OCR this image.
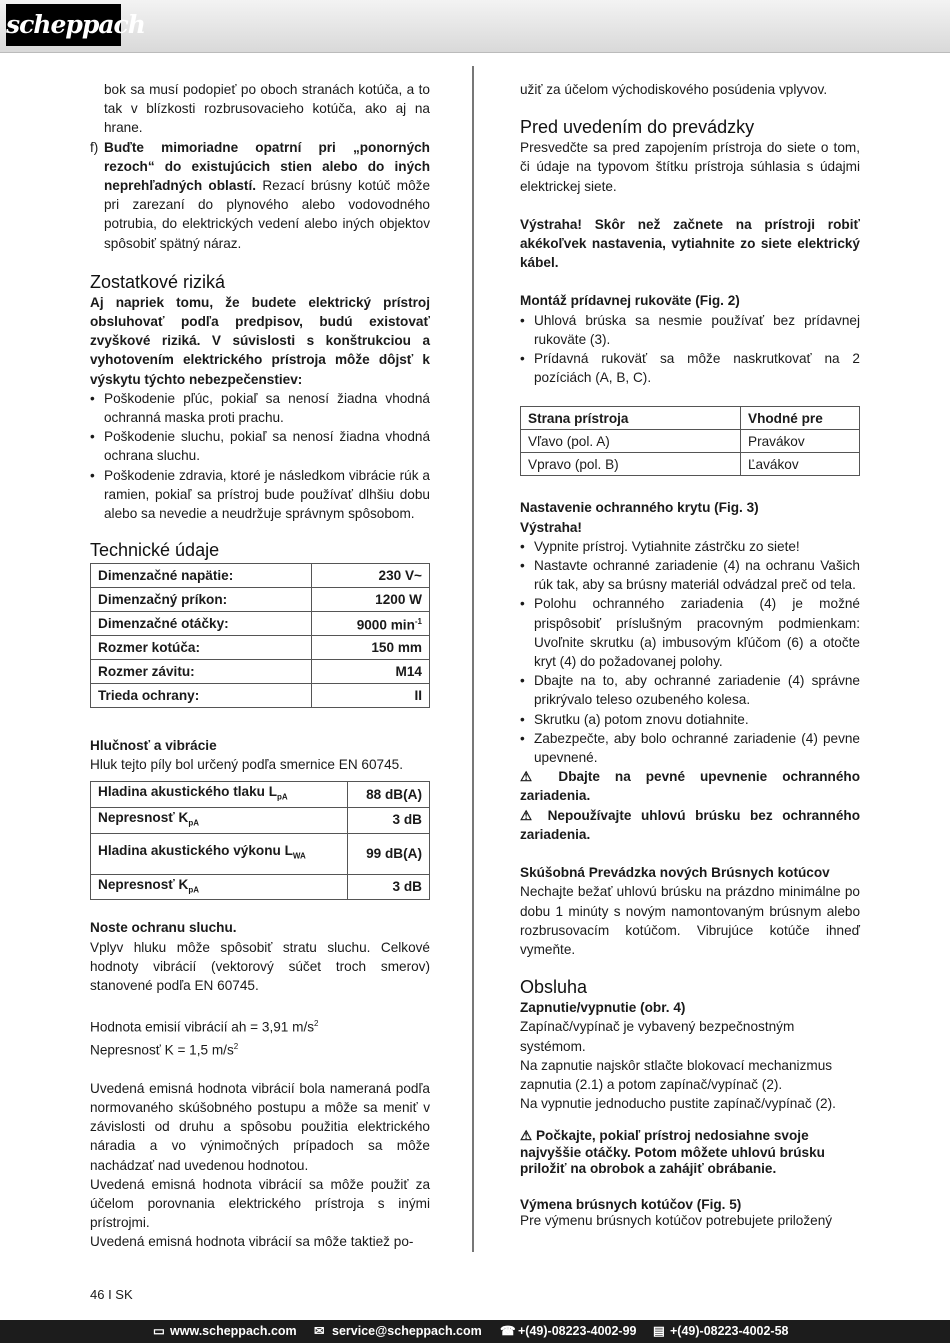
scheppach

bok sa musí podopieť po oboch stranách kotúča, a to tak v blízkosti rozbrusovacieho kotúča, ako aj na hrane.

f) Buďte mimoriadne opatrní pri „ponorných rezoch“ do existujúcich stien alebo do iných neprehľadných oblastí. Rezací brúsny kotúč môže pri zarezaní do plynového alebo vodovodného potrubia, do elektrických vedení alebo iných objektov spôsobiť spätný náraz.
Zostatkové riziká

Aj napriek tomu, že budete elektrický prístroj obsluhovať podľa predpisov, budú existovať zvyškové riziká. V súvislosti s konštrukciou a vyhotovením elektrického prístroja môže dôjsť k výskytu týchto nebezpečenstiev:

• Poškodenie pľúc, pokiaľ sa nenosí žiadna vhodná ochranná maska proti prachu.
• Poškodenie sluchu, pokiaľ sa nenosí žiadna vhodná ochrana sluchu.
• Poškodenie zdravia, ktoré je následkom vibrácie rúk a ramien, pokiaľ sa prístroj bude používať dlhšiu dobu alebo sa nevedie a neudržuje správnym spôsobom.
Technické údaje
Dimenzačné napätie:	230 V~
Dimenzačný príkon:	1200 W
Dimenzačné otáčky:	9000 $\min^{-1}$
Rozmer kotúča:	150 mm
Rozmer závitu:	M14
Trieda ochrany:	II

Hlučnosť a vibrácie

Hluk tejto píly bol určený podľa smernice EN 60745.

Hladina akustického tlaku $L_{pA}$	88 dB(A)
Nepresnosť $K_{pA}$	3 dB
Hladina akustického výkonu $L_{WA}$	99 dB(A)
Nepresnosť $K_{pA}$	3 dB

Noste ochranu sluchu.

Vplyv hluku môže spôsobiť stratu sluchu. Celkové hodnoty vibrácií (vektorový súčet troch smerov) stanovené podľa EN 60745.

Hodnota emisií vibrácií ah = 3,91 $m/s^2$

Nepresnosť K = 1,5 $m/s^2$

Uvedená emisná hodnota vibrácií bola nameraná podľa normovaného skúšobného postupu a môže sa meniť v závislosti od druhu a spôsobu použitia elektrického náradia a vo výnimočných prípadoch sa môže nachádzať nad uvedenou hodnotou.

Uvedená emisná hodnota vibrácií sa môže použiť za účelom porovnania elektrického prístroja s inými prístrojmi.

Uvedená emisná hodnota vibrácií sa môže taktiež po-

užiť za účelom východiskového posúdenia vplyvov.

Pred uvedením do prevádzky

Presvedčte sa pred zapojením prístroja do siete o tom, či údaje na typovom štítku prístroja súhlasia s údajmi elektrickej siete.

Výstraha! Skôr než začnete na prístroji robiť akékoľvek nastavenia, vytiahnite zo siete elektrický kábel.

Montáž prídavnej rukoväte (Fig. 2)

• Uhlová brúska sa nesmie používať bez prídavnej rukoväte (3).
• Prídavná rukoväť sa môže naskrutkovať na 2 pozíciách (A, B, C).
Strana prístroja	Vhodné pre
Vľavo (pol. A)	Pravákov
Vpravo (pol. B)	Ľavákov

Nastavenie ochranného krytu (Fig. 3)

Výstraha!

• Vypnite prístroj. Vytiahnite zástrčku zo siete!
• Nastavte ochranné zariadenie (4) na ochranu Vašich rúk tak, aby sa brúsny materiál odvádzal preč od tela.
• Polohu ochranného zariadenia (4) je možné prispôsobiť príslušným pracovným podmienkam: Uvoľnite skrutku (a) imbusovým kľúčom (6) a otočte kryt (4) do požadovanej polohy.
• Dbajte na to, aby ochranné zariadenie (4) správne prikrývalo teleso ozubeného kolesa.
• Skrutku (a) potom znovu dotiahnite.
• Zabezpečte, aby bolo ochranné zariadenie (4) pevne upevnené.

⚠ Dbajte na pevné upevnenie ochranného zariadenia.

⚠ Nepoužívajte uhlovú brúsku bez ochranného zariadenia.

Skúšobná Prevádzka nových Brúsnych kotúcov

Nechajte bežať uhlovú brúsku na prázdno minimálne po dobu 1 minúty s novým namontovaným brúsnym alebo rozbrusovacím kotúčom. Vibrujúce kotúče ihneď vymeňte.

Obsluha

Zapnutie/vypnutie (obr. 4)

Zapínač/vypínač je vybavený bezpečnostným systémom.

Na zapnutie najskôr stlačte blokovací mechanizmus zapnutia (2.1) a potom zapínač/vypínač (2).

Na vypnutie jednoducho pustite zapínač/vypínač (2).

⚠ Počkajte, pokiaľ prístroj nedosiahne svoje najvyššie otáčky. Potom môžete uhlovú brúsku priložiť na obrobok a zahájiť obrábanie.

Výmena brúsnych kotúčov (Fig. 5)

Pre výmenu brúsnych kotúčov potrebujete priložený

46 I SK
▭ www.scheppach.com ✉ service@scheppach.com ☎ +(49)-08223-4002-99 ▤ +(49)-08223-4002-58
